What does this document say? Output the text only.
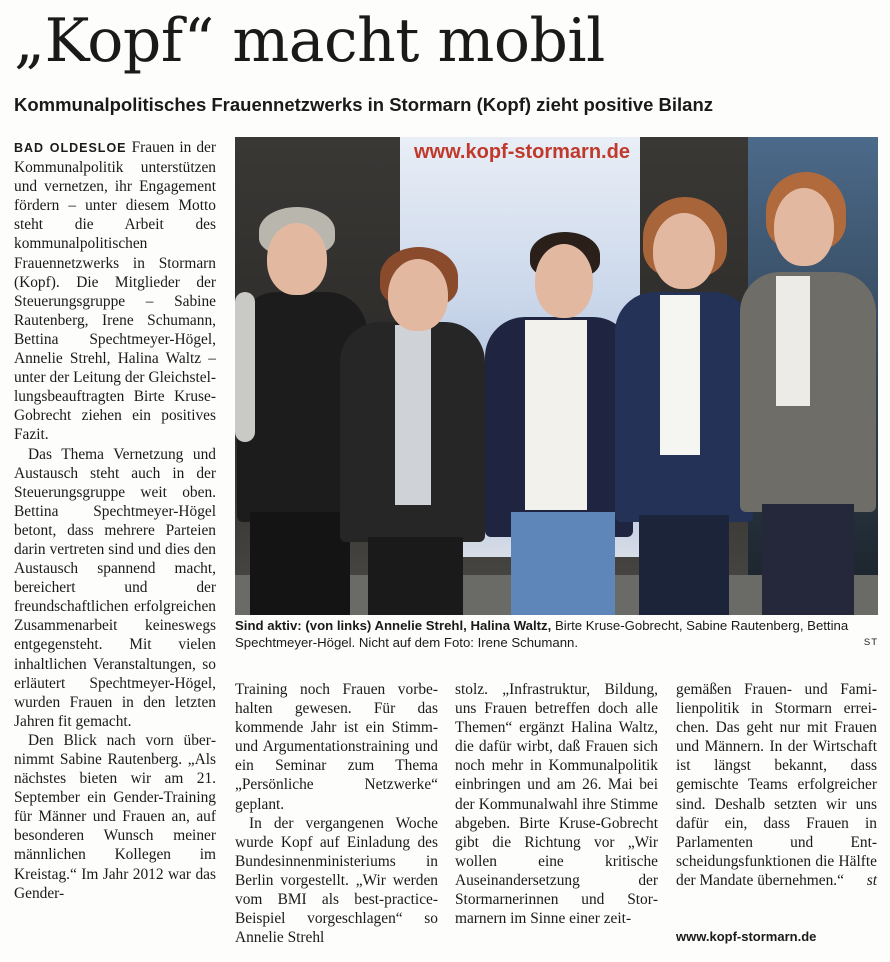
„Kopf“ macht mobil
Kommunalpolitisches Frauennetzwerks in Stormarn (Kopf) zieht positive Bilanz

BAD OLDESLOE Frauen in der Kommunalpolitik unterstützen und vernetzen, ihr Engagement fördern – unter diesem Motto steht die Arbeit des kommunalpolitischen Frauennetzwerks in Stormarn (Kopf). Die Mitglieder der Steuerungsgruppe – Sabine Rautenberg, Irene Schumann, Bettina Spechtmeyer-Högel, Annelie Strehl, Halina Waltz – unter der Leitung der Gleichstellungsbeauftragten Birte Kruse-Gobrecht ziehen ein positives Fazit.

Das Thema Vernetzung und Austausch steht auch in der Steuerungsgruppe weit oben. Bettina Spechtmeyer-Högel betont, dass mehrere Parteien darin vertreten sind und dies den Austausch spannend macht, bereichert und der freundschaftlichen erfolgreichen Zusammenarbeit keineswegs entgegensteht. Mit vielen inhaltlichen Veranstaltungen, so erläutert Spechtmeyer-Högel, wurden Frauen in den letzten Jahren fit gemacht.

Den Blick nach vorn übernimmt Sabine Rautenberg. „Als nächstes bieten wir am 21. September ein Gender-Training für Männer und Frauen an, auf besonderen Wunsch meiner männlichen Kollegen im Kreistag.“ Im Jahr 2012 war das Gender-

www.kopf-stormarn.de
Sind aktiv: (von links) Annelie Strehl, Halina Waltz, Birte Kruse-Gobrecht, Sabine Rautenberg, Bettina Spechtmeyer-Högel. Nicht auf dem Foto: Irene Schumann.	ST

Training noch Frauen vorbehalten gewesen. Für das kommende Jahr ist ein Stimm- und Argumentationstraining und ein Seminar zum Thema „Persönliche Netzwerke“ geplant.

In der vergangenen Woche wurde Kopf auf Einladung des Bundesinnenministeriums in Berlin vorgestellt. „Wir werden vom BMI als best-practice-Beispiel vorgeschlagen“ so Annelie Strehl

stolz. „Infrastruktur, Bildung, uns Frauen betreffen doch alle Themen“ ergänzt Halina Waltz, die dafür wirbt, daß Frauen sich noch mehr in Kommunalpolitik einbringen und am 26. Mai bei der Kommunalwahl ihre Stimme abgeben. Birte Kruse-Gobrecht gibt die Richtung vor „Wir wollen eine kritische Auseinandersetzung der Stormarnerinnen und Stormarnern im Sinne einer zeit-

gemäßen Frauen- und Familienpolitik in Stormarn erreichen. Das geht nur mit Frauen und Männern. In der Wirtschaft ist längst bekannt, dass gemischte Teams erfolgreicher sind. Deshalb setzten wir uns dafür ein, dass Frauen in Parlamenten und Entscheidungsfunktionen die Hälfte der Mandate übernehmen.“ st

www.kopf-stormarn.de
